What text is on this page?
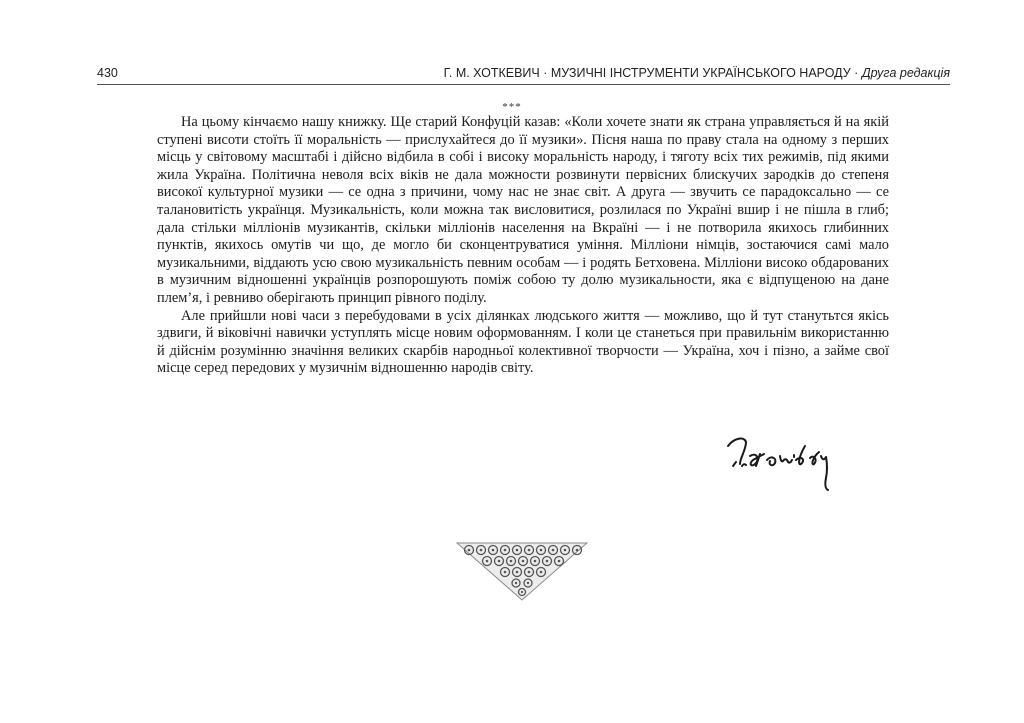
430	Г. М. ХОТКЕВИЧ · МУЗИЧНІ ІНСТРУМЕНТИ УКРАЇНСЬКОГО НАРОДУ · Друга редакція
***

На цьому кінчаємо нашу книжку. Ще старий Конфуцій казав: «Коли хочете знати як страна управляється й на якій ступені висоти стоїть її моральність — прислухайтеся до її музики». Пісня наша по праву стала на одному з перших місць у світовому масштабі і дійсно відбила в собі і високу моральність народу, і тяготу всіх тих режимів, під якими жила Україна. Політична неволя всіх віків не дала можности розвинути первісних блискучих зародків до степеня високої культурної музики — се одна з причини, чому нас не знає світ. А друга — звучить се парадоксально — се талановитість українця. Музикальність, коли можна так висловитися, розлилася по Україні вшир і не пішла в глиб; дала стільки мілліонів музикантів, скільки мілліонів населення на Вкраїні — і не потворила якихось глибинних пунктів, якихось омутів чи що, де могло би сконцентруватися уміння. Мілліони німців, зостаючися самі мало музикальними, віддають усю свою музикальність певним особам — і родять Бетховена. Мілліони високо обдарованих в музичним відношенні українців розпорошують поміж собою ту долю музикальности, яка є відпущеною на дане плем’я, і ревниво оберігають принцип рівного поділу.

Але прийшли нові часи з перебудовами в усіх ділянках людського життя — можливо, що й тут станутьтся якісь здвиги, й віковічні навички уступлять місце новим оформованням. І коли це станеться при правильнім використанню й дійснім розумінню значіння великих скарбів народньої колективної творчости — Україна, хоч і пізно, а займе свої місце серед передових у музичнім відношенню народів світу.
